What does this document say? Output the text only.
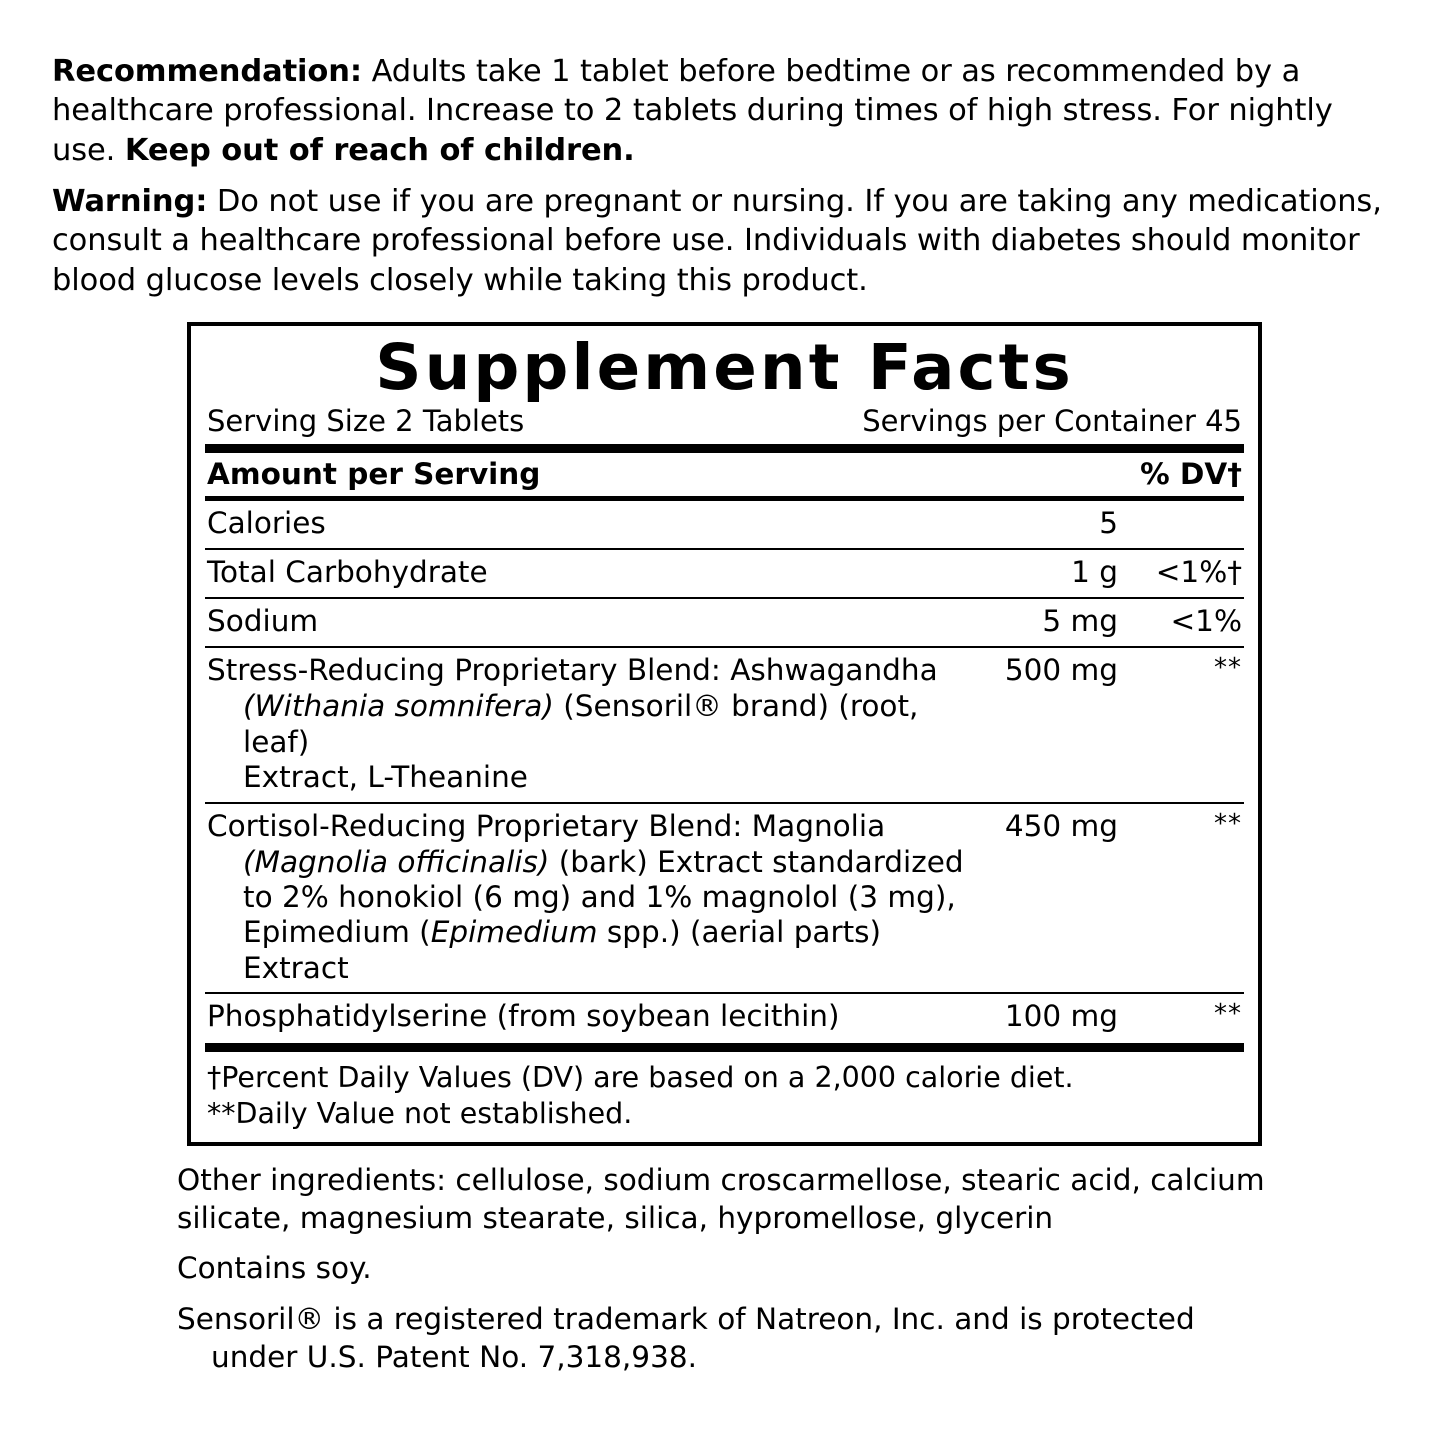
Recommendation: Adults take 1 tablet before bedtime or as recommended by a healthcare professional. Increase to 2 tablets during times of high stress. For nightly use. Keep out of reach of children.

Warning: Do not use if you are pregnant or nursing. If you are taking any medications, consult a healthcare professional before use. Individuals with diabetes should monitor blood glucose levels closely while taking this product.

Supplement Facts
Serving Size 2 Tablets	Servings per Container 45
Amount per Serving	% DV†
Calories	5	
Total Carbohydrate	1 g	<1%†
Sodium	5 mg	<1%
Stress-Reducing Proprietary Blend: Ashwagandha
(Withania somnifera) (Sensoril® brand) (root, leaf)
Extract, L-Theanine	500 mg	**
Cortisol-Reducing Proprietary Blend: Magnolia
(Magnolia officinalis) (bark) Extract standardized
to 2% honokiol (6 mg) and 1% magnolol (3 mg),
Epimedium (Epimedium spp.) (aerial parts) Extract	450 mg	**
Phosphatidylserine (from soybean lecithin)	100 mg	**
†Percent Daily Values (DV) are based on a 2,000 calorie diet.
**Daily Value not established.

Other ingredients: cellulose, sodium croscarmellose, stearic acid, calcium silicate, magnesium stearate, silica, hypromellose, glycerin

Contains soy.

Sensoril® is a registered trademark of Natreon, Inc. and is protected
under U.S. Patent No. 7,318,938.
